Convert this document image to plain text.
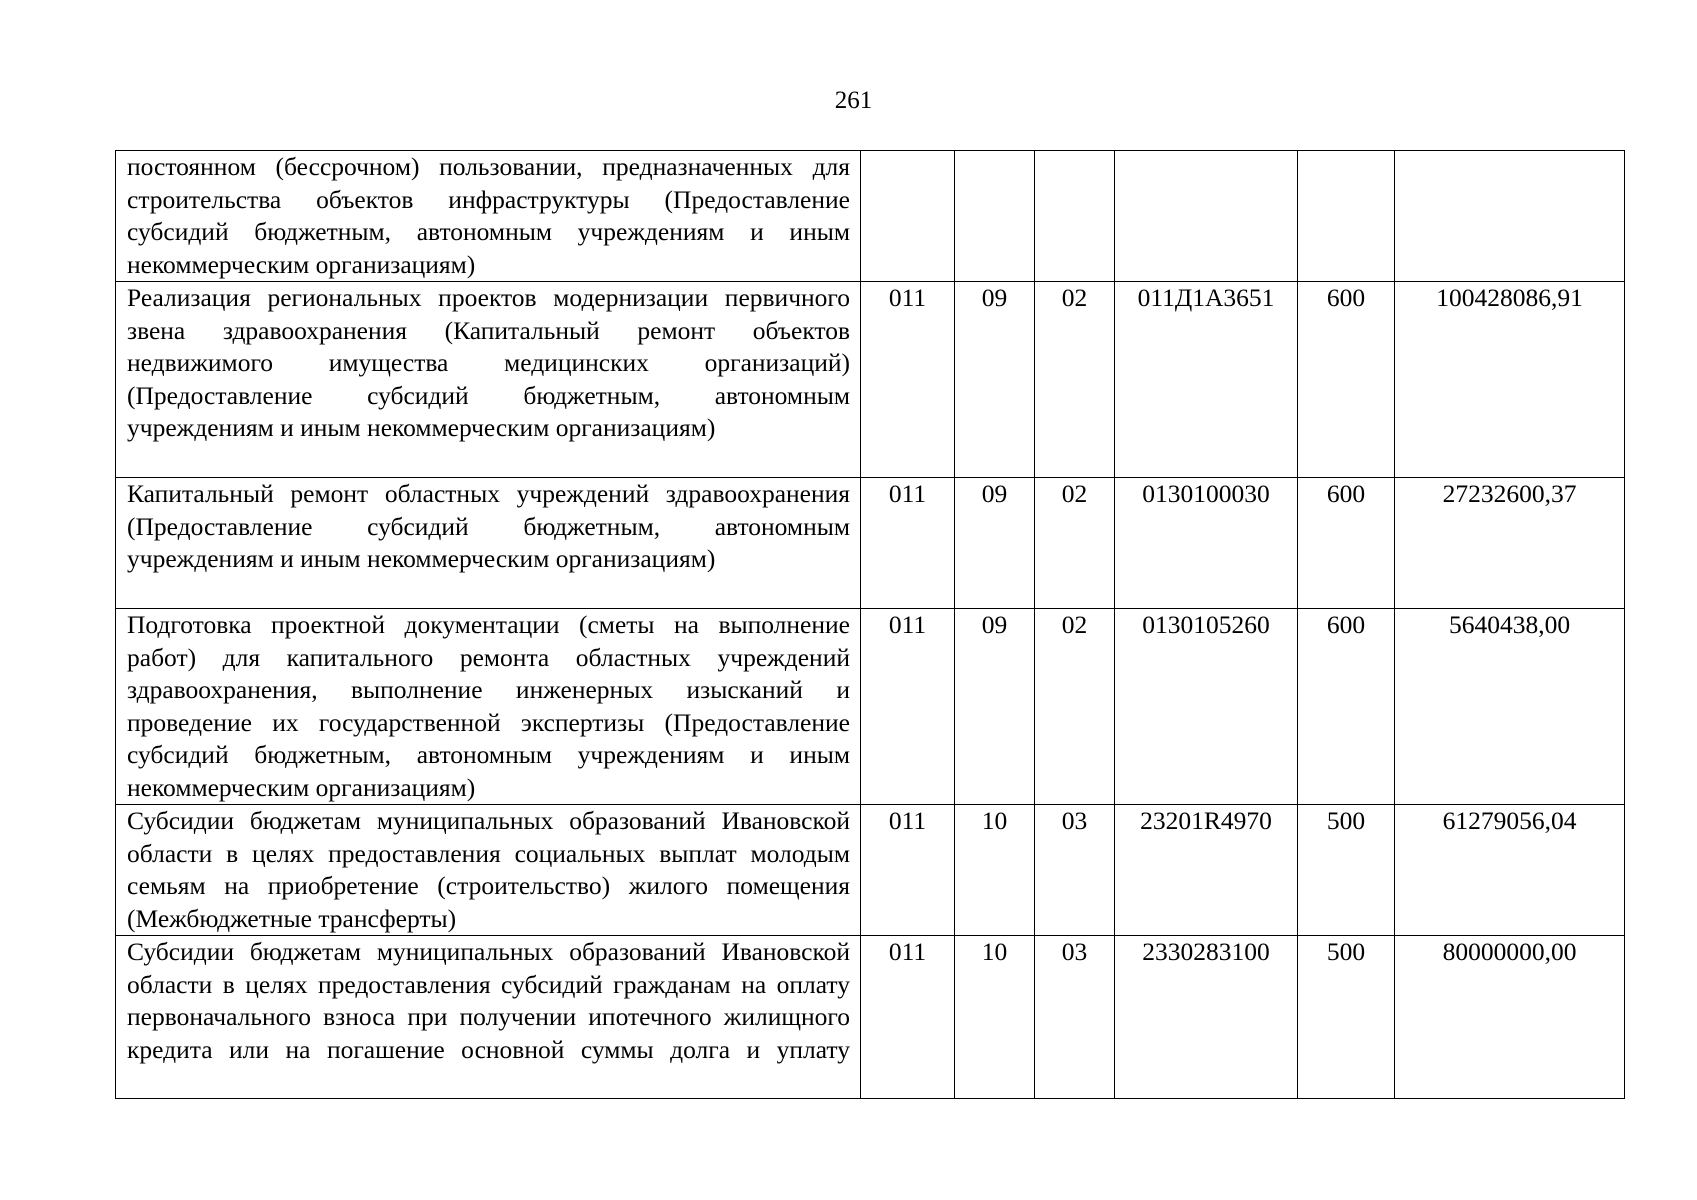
261
постоянном (бессрочном) пользовании, предназначенных для строительства объектов инфраструктуры (Предоставление субсидий бюджетным, автономным учреждениям и иным некоммерческим организациям)						
Реализация региональных проектов модернизации первичного звена здравоохранения (Капитальный ремонт объектов недвижимого имущества медицинских организаций) (Предоставление субсидий бюджетным, автономным учреждениям и иным некоммерческим организациям)	011	09	02	011Д1А3651	600	100428086,91
Капитальный ремонт областных учреждений здравоохранения (Предоставление субсидий бюджетным, автономным учреждениям и иным некоммерческим организациям)	011	09	02	0130100030	600	27232600,37
Подготовка проектной документации (сметы на выполнение работ) для капитального ремонта областных учреждений здравоохранения, выполнение инженерных изысканий и проведение их государственной экспертизы (Предоставление субсидий бюджетным, автономным учреждениям и иным некоммерческим организациям)	011	09	02	0130105260	600	5640438,00
Субсидии бюджетам муниципальных образований Ивановской области в целях предоставления социальных выплат молодым семьям на приобретение (строительство) жилого помещения (Межбюджетные трансферты)	011	10	03	23201R4970	500	61279056,04
Субсидии бюджетам муниципальных образований Ивановской области в целях предоставления субсидий гражданам на оплату первоначального взноса при получении ипотечного жилищного кредита или на погашение основной суммы долга и уплату	011	10	03	2330283100	500	80000000,00
